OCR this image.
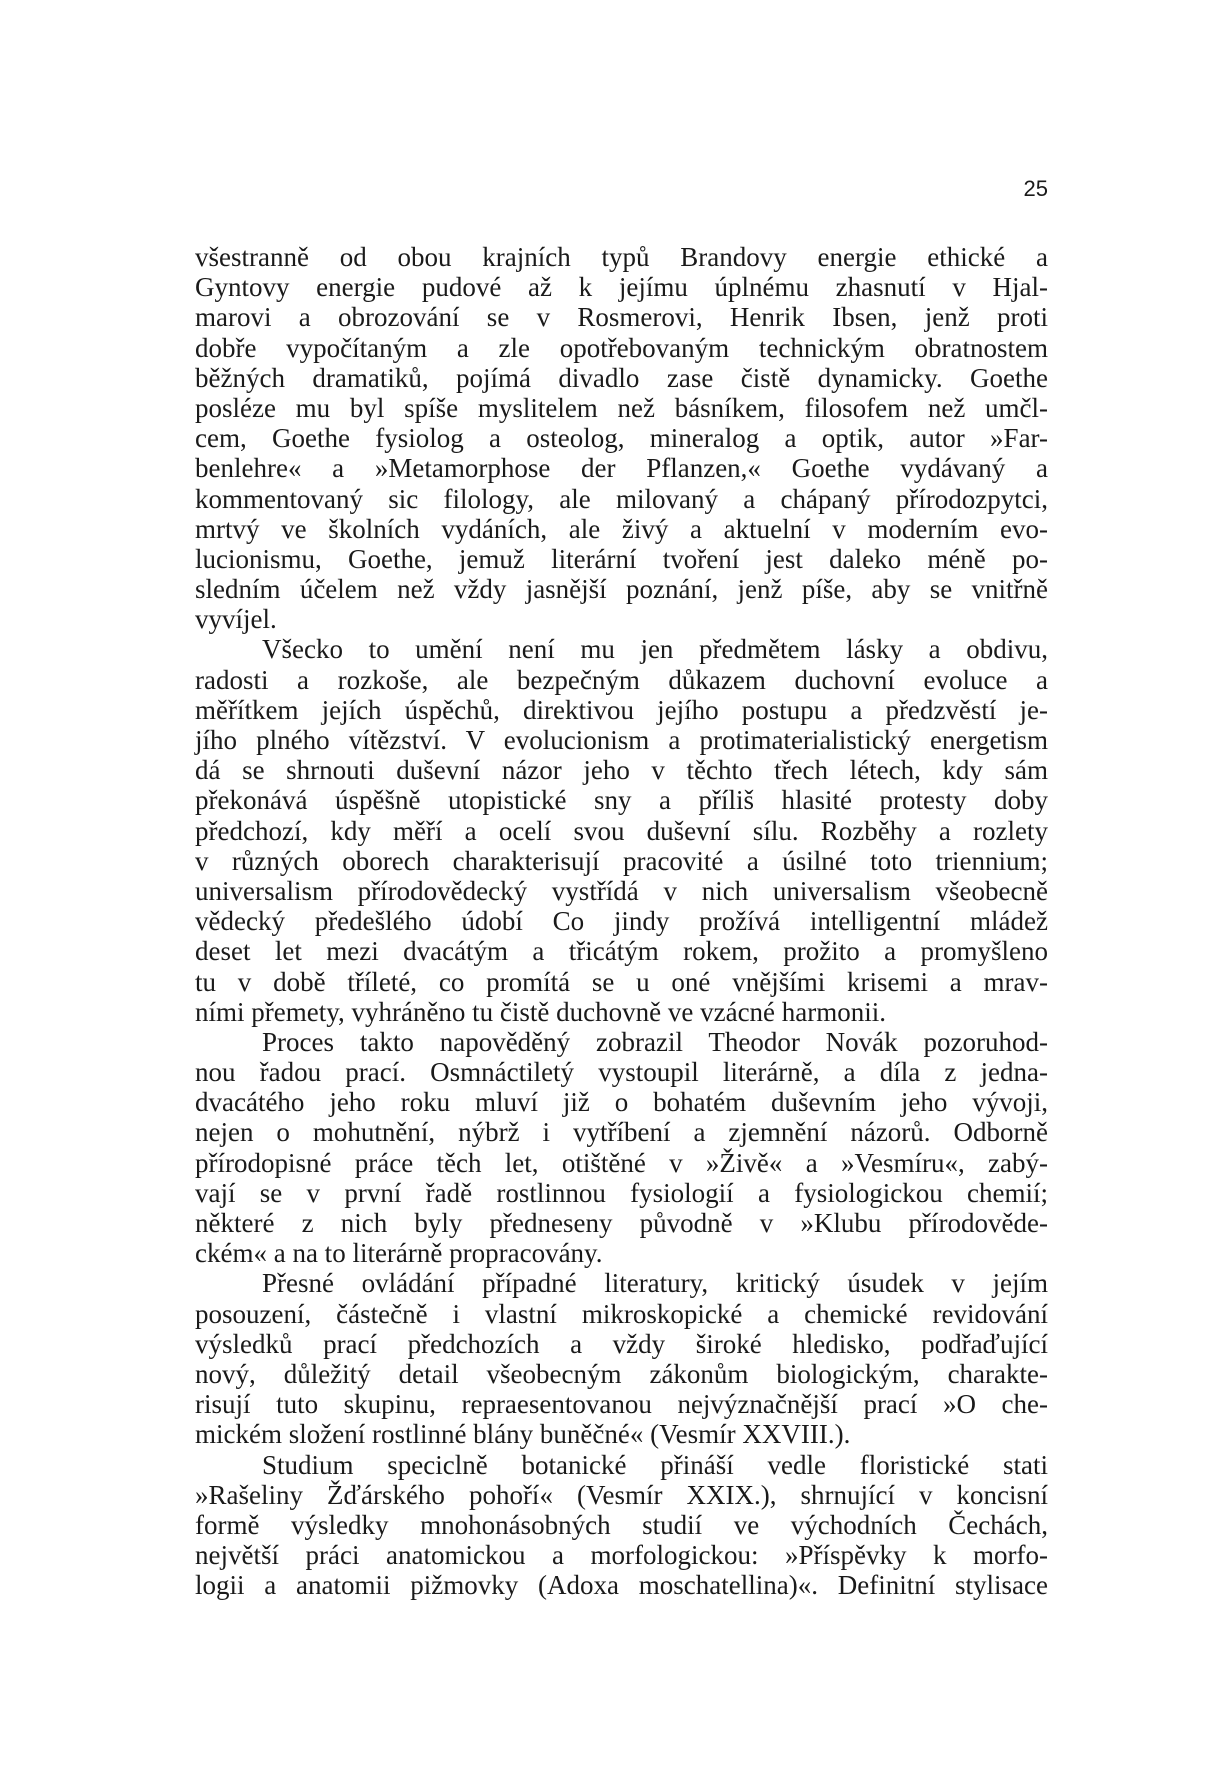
25
všestranně od obou krajních typů Brandovy energie ethické a
Gyntovy energie pudové až k jejímu úplnému zhasnutí v Hjal-
marovi a obrozování se v Rosmerovi, Henrik Ibsen, jenž proti
dobře vypočítaným a zle opotřebovaným technickým obratnostem
běžných dramatiků, pojímá divadlo zase čistě dynamicky. Goethe
posléze mu byl spíše myslitelem než básníkem, filosofem než umčl-
cem, Goethe fysiolog a osteolog, mineralog a optik, autor »Far-
benlehre« a »Metamorphose der Pflanzen,« Goethe vydávaný a
kommentovaný sic filology, ale milovaný a chápaný přírodozpytci,
mrtvý ve školních vydáních, ale živý a aktuelní v moderním evo-
lucionismu, Goethe, jemuž literární tvoření jest daleko méně po-
sledním účelem než vždy jasnější poznání, jenž píše, aby se vnitřně
vyvíjel.
Všecko to umění není mu jen předmětem lásky a obdivu,
radosti a rozkoše, ale bezpečným důkazem duchovní evoluce a
měřítkem jejích úspěchů, direktivou jejího postupu a předzvěstí je-
jího plného vítězství. V evolucionism a protimaterialistický energetism
dá se shrnouti duševní názor jeho v těchto třech létech, kdy sám
překonává úspěšně utopistické sny a příliš hlasité protesty doby
předchozí, kdy měří a ocelí svou duševní sílu. Rozběhy a rozlety
v různých oborech charakterisují pracovité a úsilné toto triennium;
universalism přírodovědecký vystřídá v nich universalism všeobecně
vědecký předešlého údobí Co jindy prožívá intelligentní mládež
deset let mezi dvacátým a třicátým rokem, prožito a promyšleno
tu v době tříleté, co promítá se u oné vnějšími krisemi a mrav-
ními přemety, vyhráněno tu čistě duchovně ve vzácné harmonii.
Proces takto napověděný zobrazil Theodor Novák pozoruhod-
nou řadou prací. Osmnáctiletý vystoupil literárně, a díla z jedna-
dvacátého jeho roku mluví již o bohatém duševním jeho vývoji,
nejen o mohutnění, nýbrž i vytříbení a zjemnění názorů. Odborně
přírodopisné práce těch let, otištěné v »Živě« a »Vesmíru«, zabý-
vají se v první řadě rostlinnou fysiologií a fysiologickou chemií;
některé z nich byly předneseny původně v »Klubu přírodověde-
ckém« a na to literárně propracovány.
Přesné ovládání případné literatury, kritický úsudek v jejím
posouzení, částečně i vlastní mikroskopické a chemické revidování
výsledků prací předchozích a vždy široké hledisko, podřaďující
nový, důležitý detail všeobecným zákonům biologickým, charakte-
risují tuto skupinu, repraesentovanou nejvýznačnější prací »O che-
mickém složení rostlinné blány buněčné« (Vesmír XXVIII.).
Studium speciclně botanické přináší vedle floristické stati
»Rašeliny Žďárského pohoří« (Vesmír XXIX.), shrnující v koncisní
formě výsledky mnohonásobných studií ve východních Čechách,
největší práci anatomickou a morfologickou: »Příspěvky k morfo-
logii a anatomii pižmovky (Adoxa moschatellina)«. Definitní stylisace
